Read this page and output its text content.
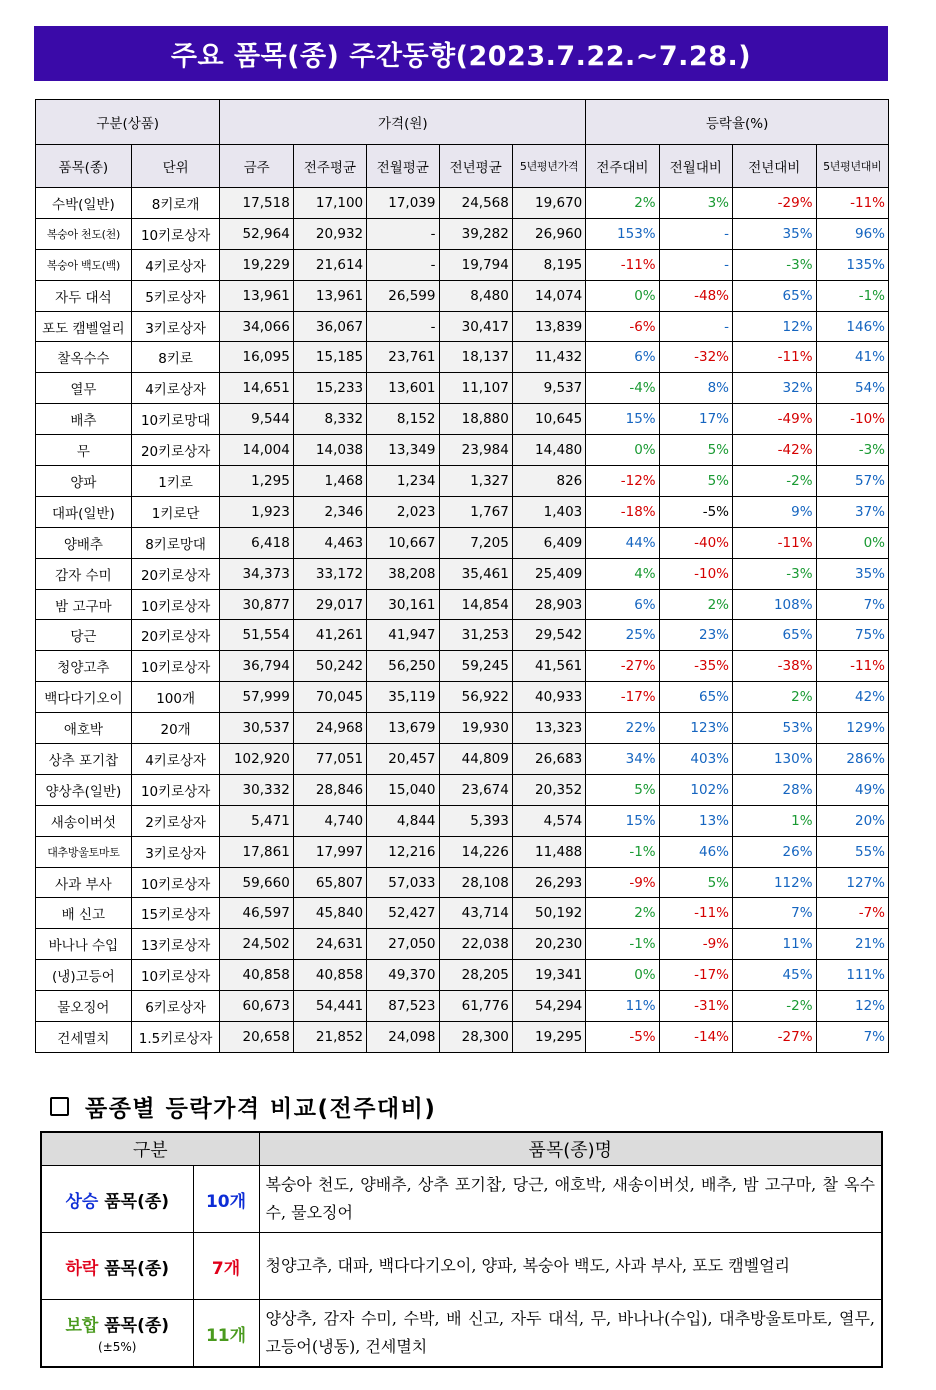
주요 품목(종) 주간동향(2023.7.22.~7.28.)
구분(상품)		가격(원)					등락율(%)			
품목(종)	단위	금주	전주평균	전월평균	전년평균	5년평년가격	전주대비	전월대비	전년대비	5년평년대비
수박(일반)	8키로개	17,518	17,100	17,039	24,568	19,670	2%	3%	-29%	-11%
복숭아 천도(천)	10키로상자	52,964	20,932	-	39,282	26,960	153%	-	35%	96%
복숭아 백도(백)	4키로상자	19,229	21,614	-	19,794	8,195	-11%	-	-3%	135%
자두 대석	5키로상자	13,961	13,961	26,599	8,480	14,074	0%	-48%	65%	-1%
포도 캠벨얼리	3키로상자	34,066	36,067	-	30,417	13,839	-6%	-	12%	146%
찰옥수수	8키로	16,095	15,185	23,761	18,137	11,432	6%	-32%	-11%	41%
열무	4키로상자	14,651	15,233	13,601	11,107	9,537	-4%	8%	32%	54%
배추	10키로망대	9,544	8,332	8,152	18,880	10,645	15%	17%	-49%	-10%
무	20키로상자	14,004	14,038	13,349	23,984	14,480	0%	5%	-42%	-3%
양파	1키로	1,295	1,468	1,234	1,327	826	-12%	5%	-2%	57%
대파(일반)	1키로단	1,923	2,346	2,023	1,767	1,403	-18%	-5%	9%	37%
양배추	8키로망대	6,418	4,463	10,667	7,205	6,409	44%	-40%	-11%	0%
감자 수미	20키로상자	34,373	33,172	38,208	35,461	25,409	4%	-10%	-3%	35%
밤 고구마	10키로상자	30,877	29,017	30,161	14,854	28,903	6%	2%	108%	7%
당근	20키로상자	51,554	41,261	41,947	31,253	29,542	25%	23%	65%	75%
청양고추	10키로상자	36,794	50,242	56,250	59,245	41,561	-27%	-35%	-38%	-11%
백다다기오이	100개	57,999	70,045	35,119	56,922	40,933	-17%	65%	2%	42%
애호박	20개	30,537	24,968	13,679	19,930	13,323	22%	123%	53%	129%
상추 포기찹	4키로상자	102,920	77,051	20,457	44,809	26,683	34%	403%	130%	286%
양상추(일반)	10키로상자	30,332	28,846	15,040	23,674	20,352	5%	102%	28%	49%
새송이버섯	2키로상자	5,471	4,740	4,844	5,393	4,574	15%	13%	1%	20%
대추방울토마토	3키로상자	17,861	17,997	12,216	14,226	11,488	-1%	46%	26%	55%
사과 부사	10키로상자	59,660	65,807	57,033	28,108	26,293	-9%	5%	112%	127%
배 신고	15키로상자	46,597	45,840	52,427	43,714	50,192	2%	-11%	7%	-7%
바나나 수입	13키로상자	24,502	24,631	27,050	22,038	20,230	-1%	-9%	11%	21%
(냉)고등어	10키로상자	40,858	40,858	49,370	28,205	19,341	0%	-17%	45%	111%
물오징어	6키로상자	60,673	54,441	87,523	61,776	54,294	11%	-31%	-2%	12%
건세멸치	1.5키로상자	20,658	21,852	24,098	28,300	19,295	-5%	-14%	-27%	7%
품종별 등락가격 비교(전주대비)
구분		품목(종)명
상승 품목(종)	10개	복숭아 천도, 양배추, 상추 포기찹, 당근, 애호박, 새송이버섯, 배추, 밤 고구마, 찰 옥수수, 물오징어
하락 품목(종)	7개	청양고추, 대파, 백다다기오이, 양파, 복숭아 백도, 사과 부사, 포도 캠벨얼리
보합 품목(종)
(±5%)	11개	양상추, 감자 수미, 수박, 배 신고, 자두 대석, 무, 바나나(수입), 대추방울토마토, 열무, 고등어(냉동), 건세멸치
